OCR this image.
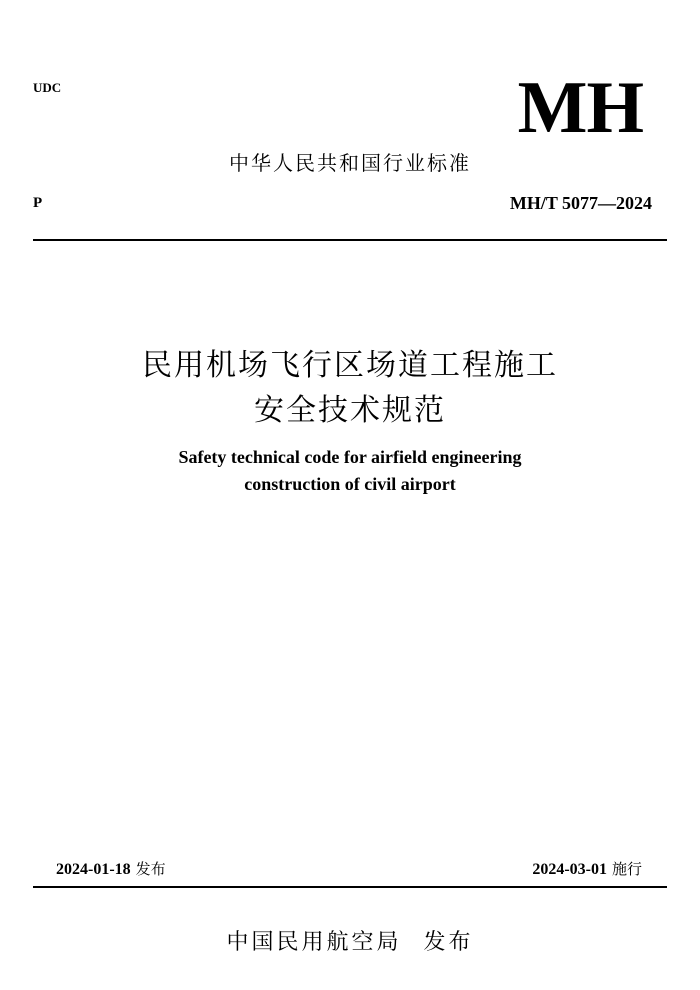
UDC	MH
中华人民共和国行业标准
P	MH/T 5077—2024
民用机场飞行区场道工程施工
安全技术规范
Safety technical code for airfield engineering
construction of civil airport
2024-01-18 发布	2024-03-01 施行
中国民用航空局 发布
